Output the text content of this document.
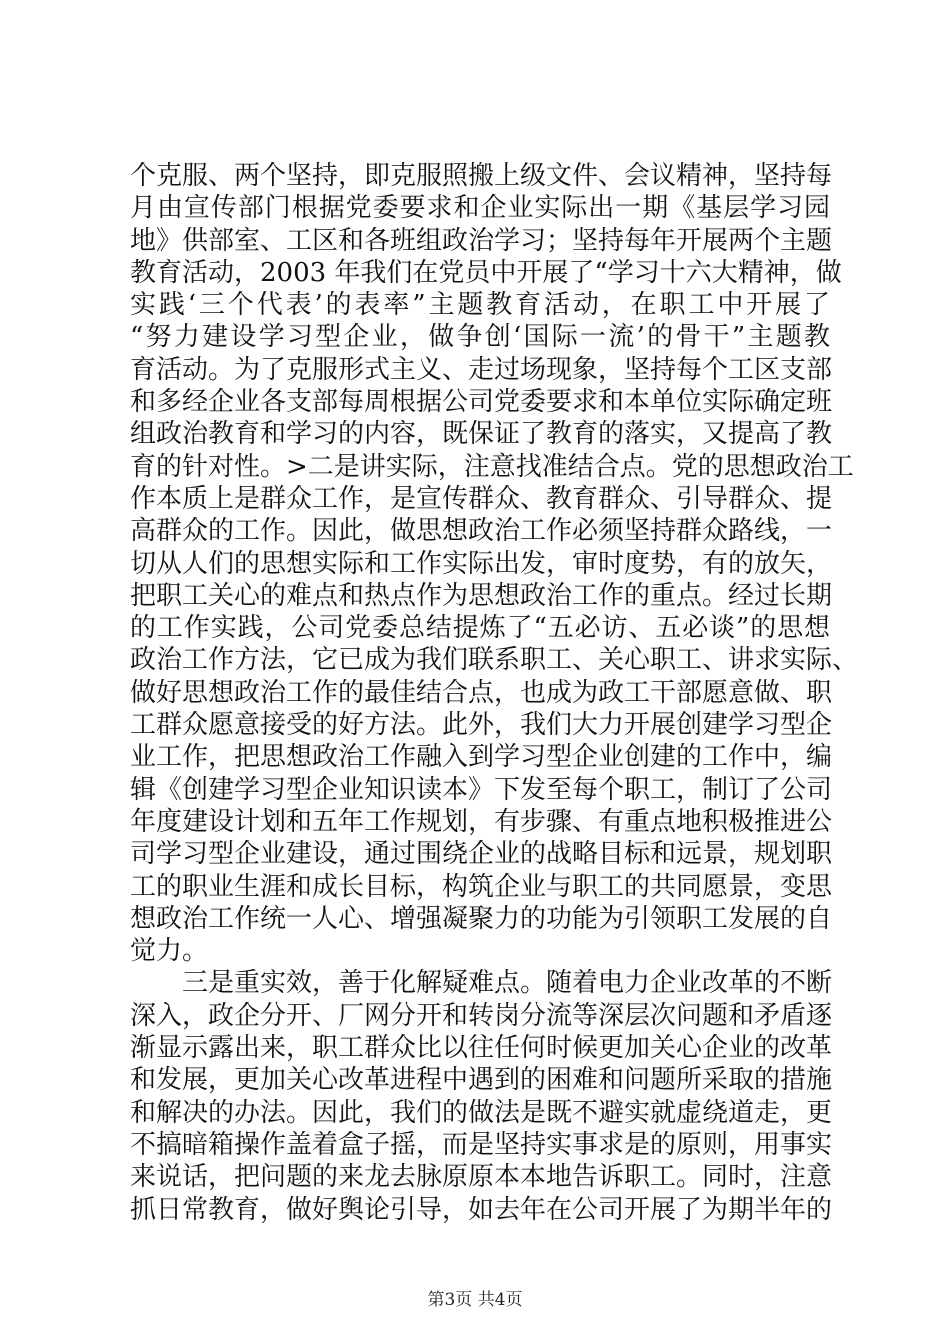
个克服、两个坚持，即克服照搬上级文件、会议精神，坚持每
月由宣传部门根据党委要求和企业实际出一期《基层学习园
地》供部室、工区和各班组政治学习；坚持每年开展两个主题
教育活动，2003 年我们在党员中开展了“学习十六大精神，做
实践‘三个代表’的表率”主题教育活动，在职工中开展了
“努力建设学习型企业，做争创‘国际一流’的骨干”主题教
育活动。为了克服形式主义、走过场现象，坚持每个工区支部
和多经企业各支部每周根据公司党委要求和本单位实际确定班
组政治教育和学习的内容，既保证了教育的落实，又提高了教
育的针对性。>二是讲实际，注意找准结合点。党的思想政治工
作本质上是群众工作，是宣传群众、教育群众、引导群众、提
高群众的工作。因此，做思想政治工作必须坚持群众路线，一
切从人们的思想实际和工作实际出发，审时度势，有的放矢，
把职工关心的难点和热点作为思想政治工作的重点。经过长期
的工作实践，公司党委总结提炼了“五必访、五必谈”的思想
政治工作方法，它已成为我们联系职工、关心职工、讲求实际、
做好思想政治工作的最佳结合点，也成为政工干部愿意做、职
工群众愿意接受的好方法。此外，我们大力开展创建学习型企
业工作，把思想政治工作融入到学习型企业创建的工作中，编
辑《创建学习型企业知识读本》下发至每个职工，制订了公司
年度建设计划和五年工作规划，有步骤、有重点地积极推进公
司学习型企业建设，通过围绕企业的战略目标和远景，规划职
工的职业生涯和成长目标，构筑企业与职工的共同愿景，变思
想政治工作统一人心、增强凝聚力的功能为引领职工发展的自
觉力。
三是重实效，善于化解疑难点。随着电力企业改革的不断
深入，政企分开、厂网分开和转岗分流等深层次问题和矛盾逐
渐显示露出来，职工群众比以往任何时候更加关心企业的改革
和发展，更加关心改革进程中遇到的困难和问题所采取的措施
和解决的办法。因此，我们的做法是既不避实就虚绕道走，更
不搞暗箱操作盖着盒子摇，而是坚持实事求是的原则，用事实
来说话，把问题的来龙去脉原原本本地告诉职工。同时，注意
抓日常教育，做好舆论引导，如去年在公司开展了为期半年的
第3页 共4页
